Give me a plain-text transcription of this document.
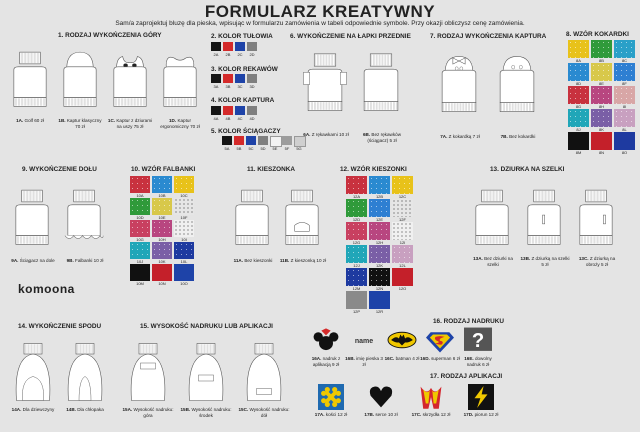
FORMULARZ KREATYWNY
Sam/a zaprojektuj bluzę dla pieska, wpisując w formularzu zamówienia w tabeli odpowiednie symbole. Przy okazji obliczysz cenę zamówienia.
1. RODZAJ WYKOŃCZENIA GÓRY	2. KOLOR TUŁOWIA
3. KOLOR REKAWÓW
4. KOLOR KAPTURA
5. KOLOR ŚCIĄGACZY
6. WYKOŃCZENIE NA ŁAPKI PRZEDNIE	7. RODZAJ WYKOŃCZENIA KAPTURA	8. WZÓR KOKARDKI
9. WYKOŃCZENIE DOŁU	10. WZÓR FALBANKI	11. KIESZONKA	12. WZÓR KIESZONKI	13. DZIURKA NA SZELKI
komoona
14. WYKOŃCZENIE SPODU	15. WYSOKOŚĆ NADRUKU LUB APLIKACJI
16. RODZAJ NADRUKU
17. RODZAJ APLIKACJI
1A. Golf 60 zł	1B. Kaptur klasyczny 70 zł
1C. Kaptur z dziurami na uszy 75 zł
1D. Kaptur ergonomiczny 70 zł
2A	2B	2C	2D
3A	3B	3C	3D
4A	4B	4C	4D
5A	5B	5C	5D	5E	5F	5G
6A. Z rękawkami 10 zł	6B. Bez rękawków (ściągacz) 5 zł
7A. Z kokardką 7 zł	7B. Bez kokardki
8A	8B	8C
8D	8E	8F
8G	8H	8I
8J	8K	8L
8M	8N	8O
10A	10B	10C
10D	10E	10F
10G	10H	10I
10J	10K	10L
10M	10N	10O
12A	12B	12C
12D	12E	12F
12G	12H	12I
12J	12K	12L
12M	12N	12O
12P	12R
9A. Ściągacz na dole	9B. Falbanki 10 zł	11A. Bez kieszonki	11B. Z kieszonką 10 zł	13A. Bez dziurki na szelki
13B. Z dziurką na szelki 5 zł
13C. Z dziurką na obroży 5 zł
14A. Dla dziewczyny	14B. Dla chłopaka	15A. Wysokość nadruku: góra
15B. Wysokość nadruku: środek
15C. Wysokość nadruku: dół
16A. nadruk z aplikacją 9 zł
name
16B. imię pieska 3 zł
16C. batman 4 zł 16D. superman 6 zł
?
16E. dowolny nadruk 6 zł
17A. kości 12 zł	17B. serce 10 zł	17C. skrzydła 12 zł	17D. piorun 12 zł
